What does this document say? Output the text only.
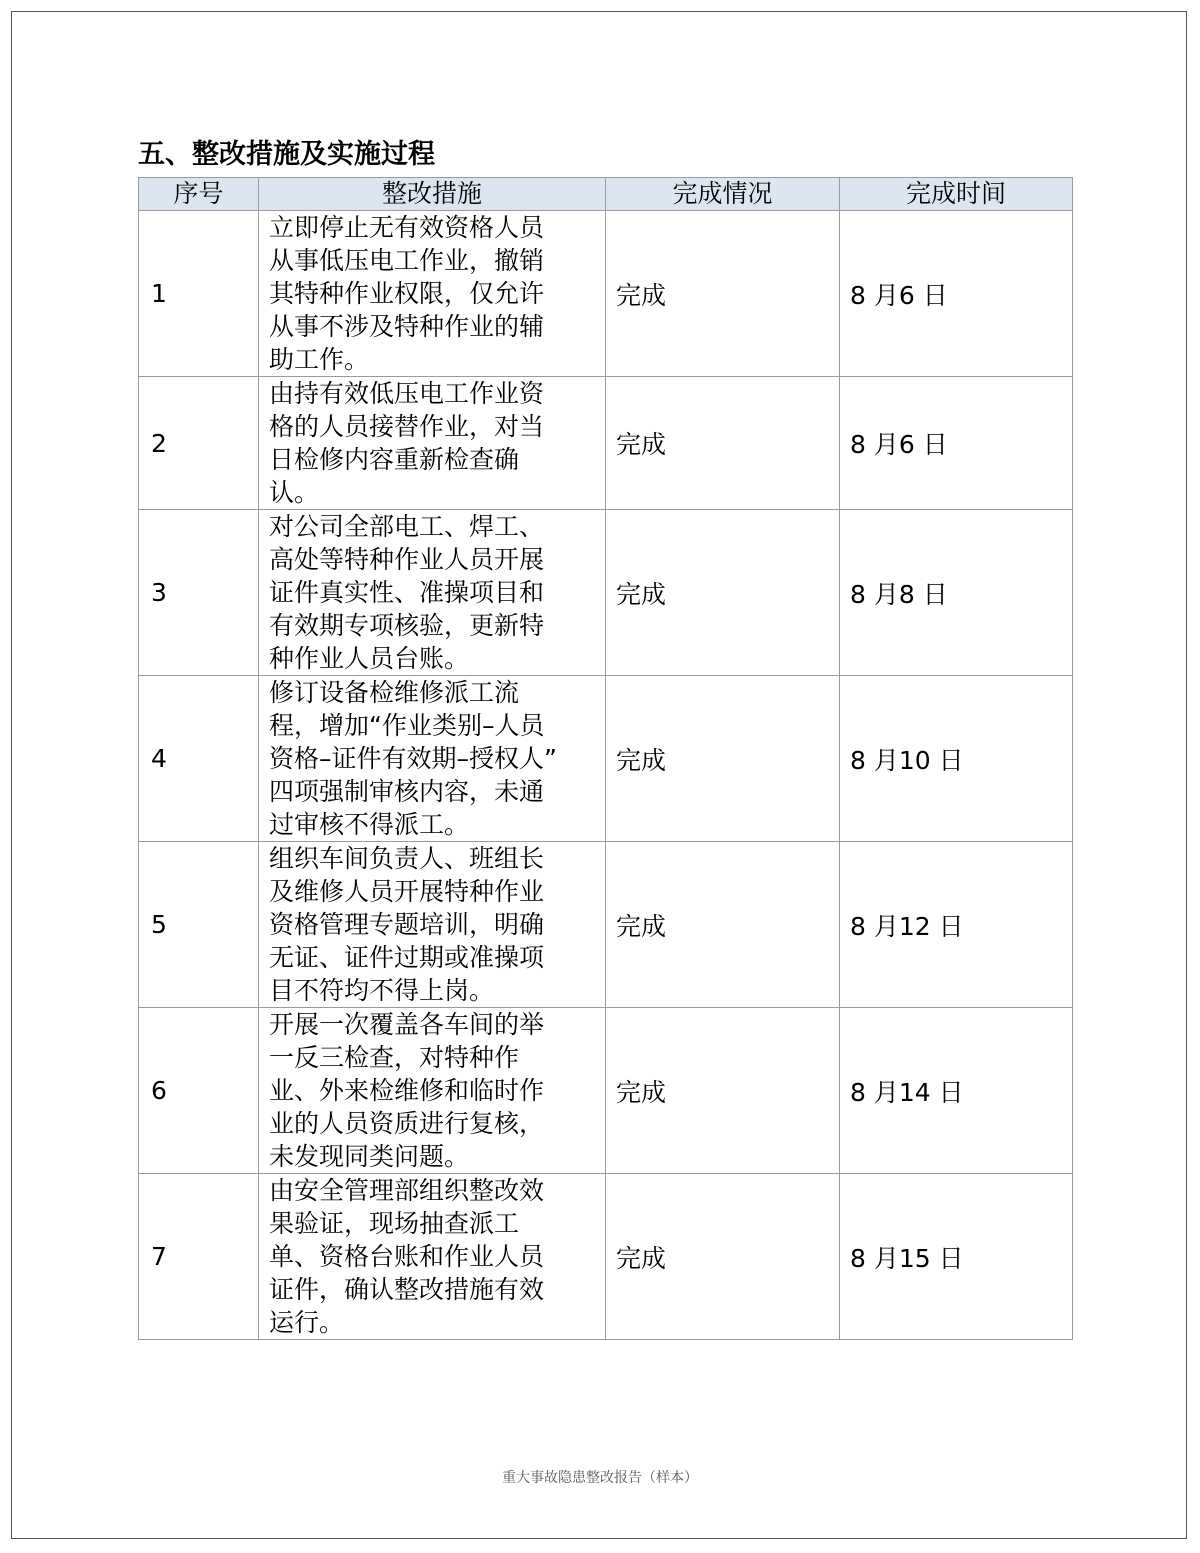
五、整改措施及实施过程
序号	整改措施	完成情况	完成时间
1	立即停止无有效资格人员
从事低压电工作业，撤销
其特种作业权限，仅允许
从事不涉及特种作业的辅
助工作。	完成	8 月6 日
2	由持有效低压电工作业资
格的人员接替作业，对当
日检修内容重新检查确
认。	完成	8 月6 日
3	对公司全部电工、焊工、
高处等特种作业人员开展
证件真实性、准操项目和
有效期专项核验，更新特
种作业人员台账。	完成	8 月8 日
4	修订设备检维修派工流
程，增加“作业类别–人员
资格–证件有效期–授权人”
四项强制审核内容，未通
过审核不得派工。	完成	8 月10 日
5	组织车间负责人、班组长
及维修人员开展特种作业
资格管理专题培训，明确
无证、证件过期或准操项
目不符均不得上岗。	完成	8 月12 日
6	开展一次覆盖各车间的举
一反三检查，对特种作
业、外来检维修和临时作
业的人员资质进行复核，
未发现同类问题。	完成	8 月14 日
7	由安全管理部组织整改效
果验证，现场抽查派工
单、资格台账和作业人员
证件，确认整改措施有效
运行。	完成	8 月15 日
重大事故隐患整改报告（样本）
